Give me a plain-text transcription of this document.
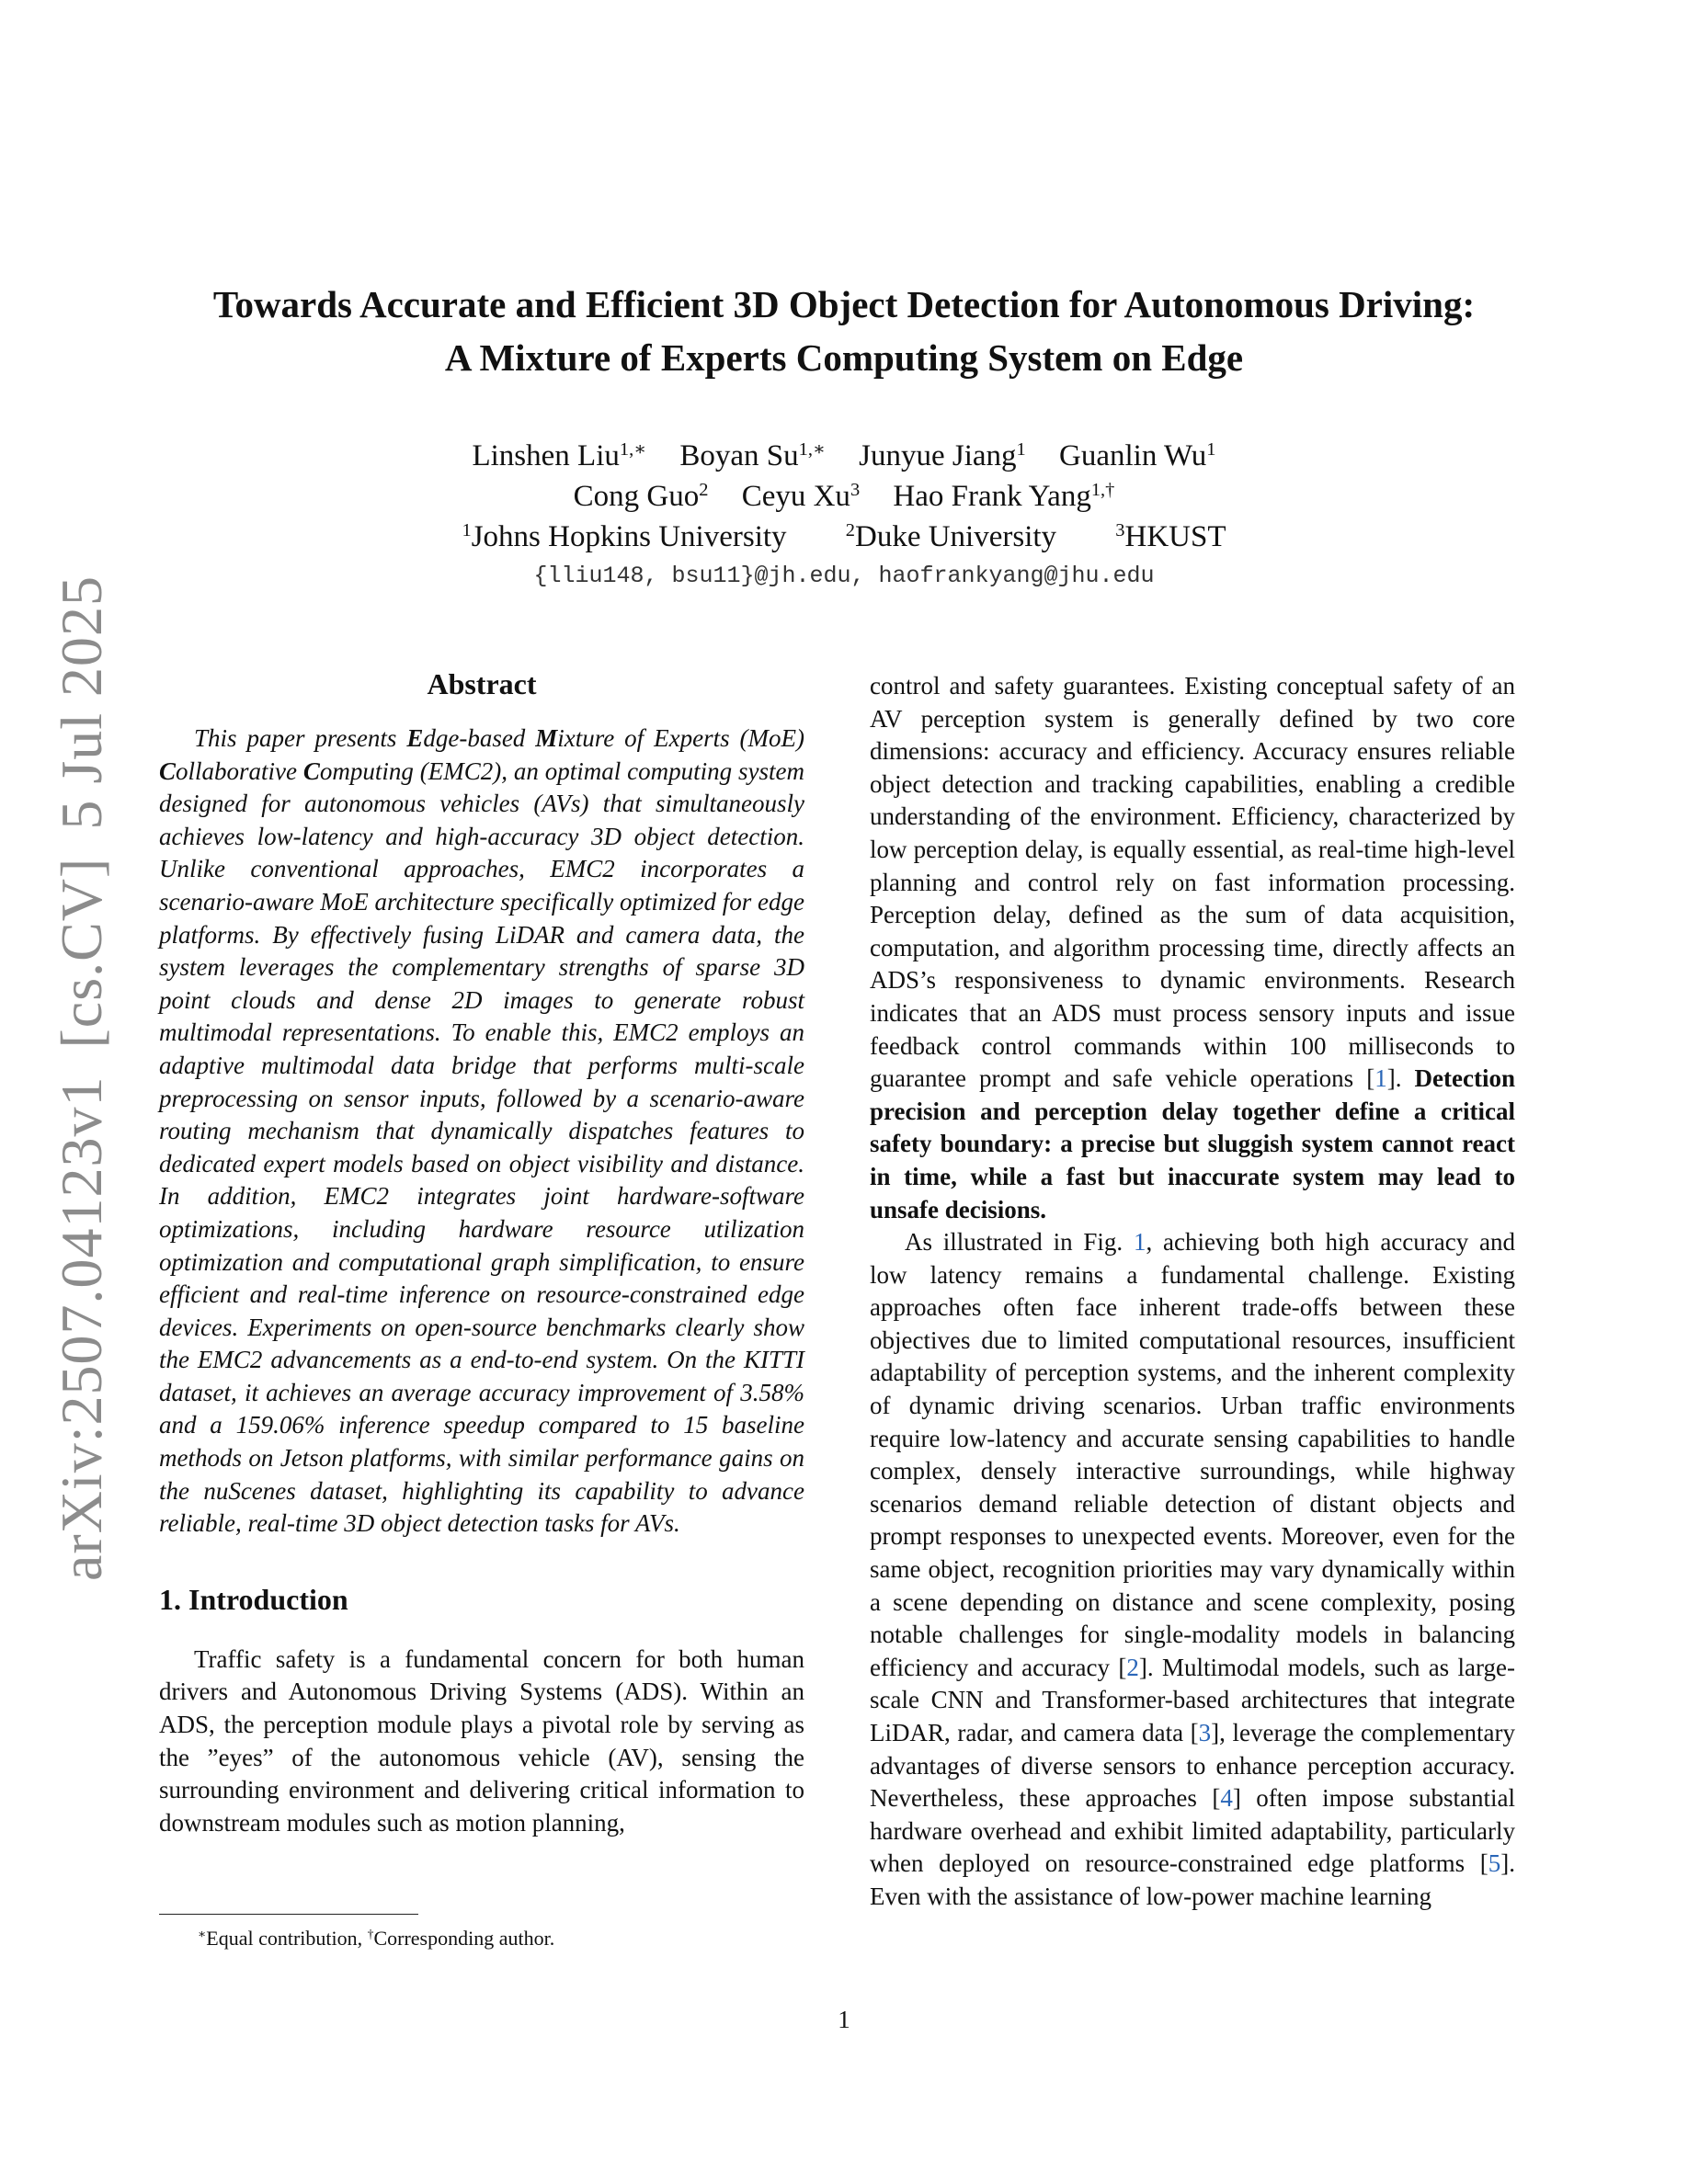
arXiv:2507.04123v1[cs.CV]5 Jul 2025
Towards Accurate and Efficient 3D Object Detection for Autonomous Driving:
A Mixture of Experts Computing System on Edge
Linshen Liu$^{1,∗}$ Boyan $Su^{1,∗}$ Junyue Jiang$^1$ Guanlin Wu$^1$
Cong Guo$^2$ Ceyu Xu$^3$ Hao Frank Yang$^{1,\dagger}$
$^1$Johns Hopkins University	$^2$Duke University	$^3$HKUST
{lliu148, bsu11}@jh.edu, haofrankyang@jhu.edu
Abstract

This paper presents Edge-based Mixture of Experts (MoE) Collaborative Computing (EMC2), an optimal computing system designed for autonomous vehicles (AVs) that simultaneously achieves low-latency and high-accuracy 3D object detection. Unlike conventional approaches, EMC2 incorporates a scenario-aware MoE architecture specifically optimized for edge platforms. By effectively fusing LiDAR and camera data, the system leverages the complementary strengths of sparse 3D point clouds and dense 2D images to generate robust multimodal representations. To enable this, EMC2 employs an adaptive multimodal data bridge that performs multi-scale preprocessing on sensor inputs, followed by a scenario-aware routing mechanism that dynamically dispatches features to dedicated expert models based on object visibility and distance. In addition, EMC2 integrates joint hardware-software optimizations, including hardware resource utilization optimization and computational graph simplification, to ensure efficient and real-time inference on resource-constrained edge devices. Experiments on open-source benchmarks clearly show the EMC2 advancements as a end-to-end system. On the KITTI dataset, it achieves an average accuracy improvement of 3.58% and a 159.06% inference speedup compared to 15 baseline methods on Jetson platforms, with similar performance gains on the nuScenes dataset, highlighting its capability to advance reliable, real-time 3D object detection tasks for AVs.

1. Introduction

Traffic safety is a fundamental concern for both human drivers and Autonomous Driving Systems (ADS). Within an ADS, the perception module plays a pivotal role by serving as the ”eyes” of the autonomous vehicle (AV), sensing the surrounding environment and delivering critical information to downstream modules such as motion planning,

control and safety guarantees. Existing conceptual safety of an AV perception system is generally defined by two core dimensions: accuracy and efficiency. Accuracy ensures reliable object detection and tracking capabilities, enabling a credible understanding of the environment. Efficiency, characterized by low perception delay, is equally essential, as real-time high-level planning and control rely on fast information processing. Perception delay, defined as the sum of data acquisition, computation, and algorithm processing time, directly affects an ADS’s responsiveness to dynamic environments. Research indicates that an ADS must process sensory inputs and issue feedback control commands within 100 milliseconds to guarantee prompt and safe vehicle operations [1]. Detection precision and perception delay together define a critical safety boundary: a precise but sluggish system cannot react in time, while a fast but inaccurate system may lead to unsafe decisions.

As illustrated in Fig. 1, achieving both high accuracy and low latency remains a fundamental challenge. Existing approaches often face inherent trade-offs between these objectives due to limited computational resources, insufficient adaptability of perception systems, and the inherent complexity of dynamic driving scenarios. Urban traffic environments require low-latency and accurate sensing capabilities to handle complex, densely interactive surroundings, while highway scenarios demand reliable detection of distant objects and prompt responses to unexpected events. Moreover, even for the same object, recognition priorities may vary dynamically within a scene depending on distance and scene complexity, posing notable challenges for single-modality models in balancing efficiency and accuracy [2]. Multimodal models, such as large-scale CNN and Transformer-based architectures that integrate LiDAR, radar, and camera data [3], leverage the complementary advantages of diverse sensors to enhance perception accuracy. Nevertheless, these approaches [4] often impose substantial hardware overhead and exhibit limited adaptability, particularly when deployed on resource-constrained edge platforms [5]. Even with the assistance of low-power machine learning

∗Equal contribution, †Corresponding author.
1
